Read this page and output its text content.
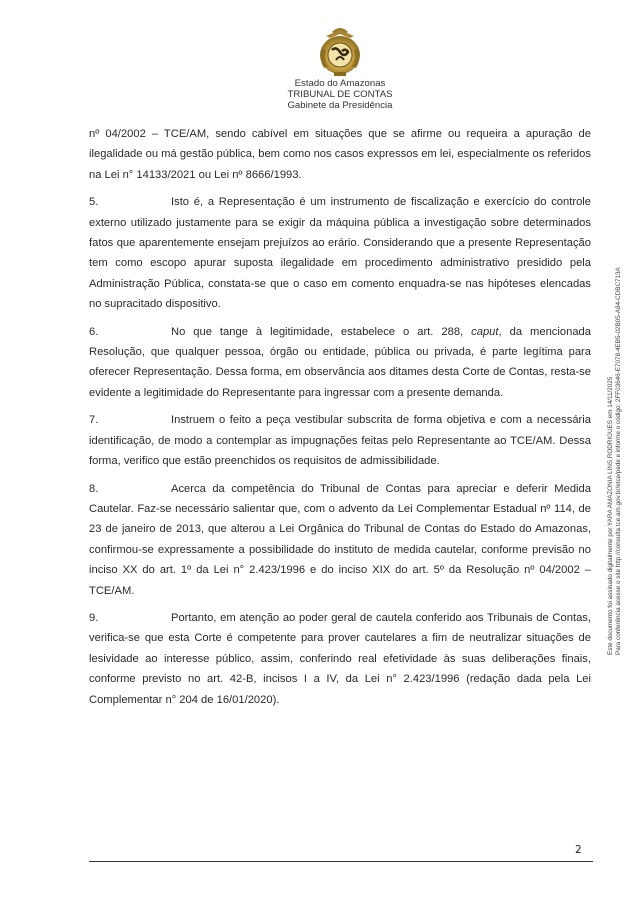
Estado do Amazonas
TRIBUNAL DE CONTAS
Gabinete da Presidência

nº 04/2002 – TCE/AM, sendo cabível em situações que se afirme ou requeira a apuração de ilegalidade ou má gestão pública, bem como nos casos expressos em lei, especialmente os referidos na Lei n° 14133/2021 ou Lei nº 8666/1993.

5.	Isto é, a Representação é um instrumento de fiscalização e exercício do controle externo utilizado justamente para se exigir da máquina pública a investigação sobre determinados fatos que aparentemente ensejam prejuízos ao erário. Considerando que a presente Representação tem como escopo apurar suposta ilegalidade em procedimento administrativo presidido pela Administração Pública, constata-se que o caso em comento enquadra-se nas hipóteses elencadas no supracitado dispositivo.

6.	No que tange à legitimidade, estabelece o art. 288, caput, da mencionada Resolução, que qualquer pessoa, órgão ou entidade, pública ou privada, é parte legítima para oferecer Representação. Dessa forma, em observância aos ditames desta Corte de Contas, resta-se evidente a legitimidade do Representante para ingressar com a presente demanda.

7.	Instruem o feito a peça vestibular subscrita de forma objetiva e com a necessária identificação, de modo a contemplar as impugnações feitas pelo Representante ao TCE/AM. Dessa forma, verifico que estão preenchidos os requisitos de admissibilidade.

8.	Acerca da competência do Tribunal de Contas para apreciar e deferir Medida Cautelar. Faz-se necessário salientar que, com o advento da Lei Complementar Estadual nº 114, de 23 de janeiro de 2013, que alterou a Lei Orgânica do Tribunal de Contas do Estado do Amazonas, confirmou-se expressamente a possibilidade do instituto de medida cautelar, conforme previsão no inciso XX do art. 1º da Lei n° 2.423/1996 e do inciso XIX do art. 5º da Resolução nº 04/2002 – TCE/AM.

9.	Portanto, em atenção ao poder geral de cautela conferido aos Tribunais de Contas, verifica-se que esta Corte é competente para prover cautelares a fim de neutralizar situações de lesividade ao interesse público, assim, conferindo real efetividade às suas deliberações finais, conforme previsto no art. 42-B, incisos I a IV, da Lei n° 2.423/1996 (redação dada pela Lei Complementar n° 204 de 16/01/2020).

Este documento foi assinado digitalmente por YARA AMAZONIA LINS RODRIGUES em 14/11/2025. Para conferência acesse o site http://consulta.tce.am.gov.br/etce/pede e informe o código: 2FF03646-E7078-4EB5-02B05-A84-CDBC713A
2
